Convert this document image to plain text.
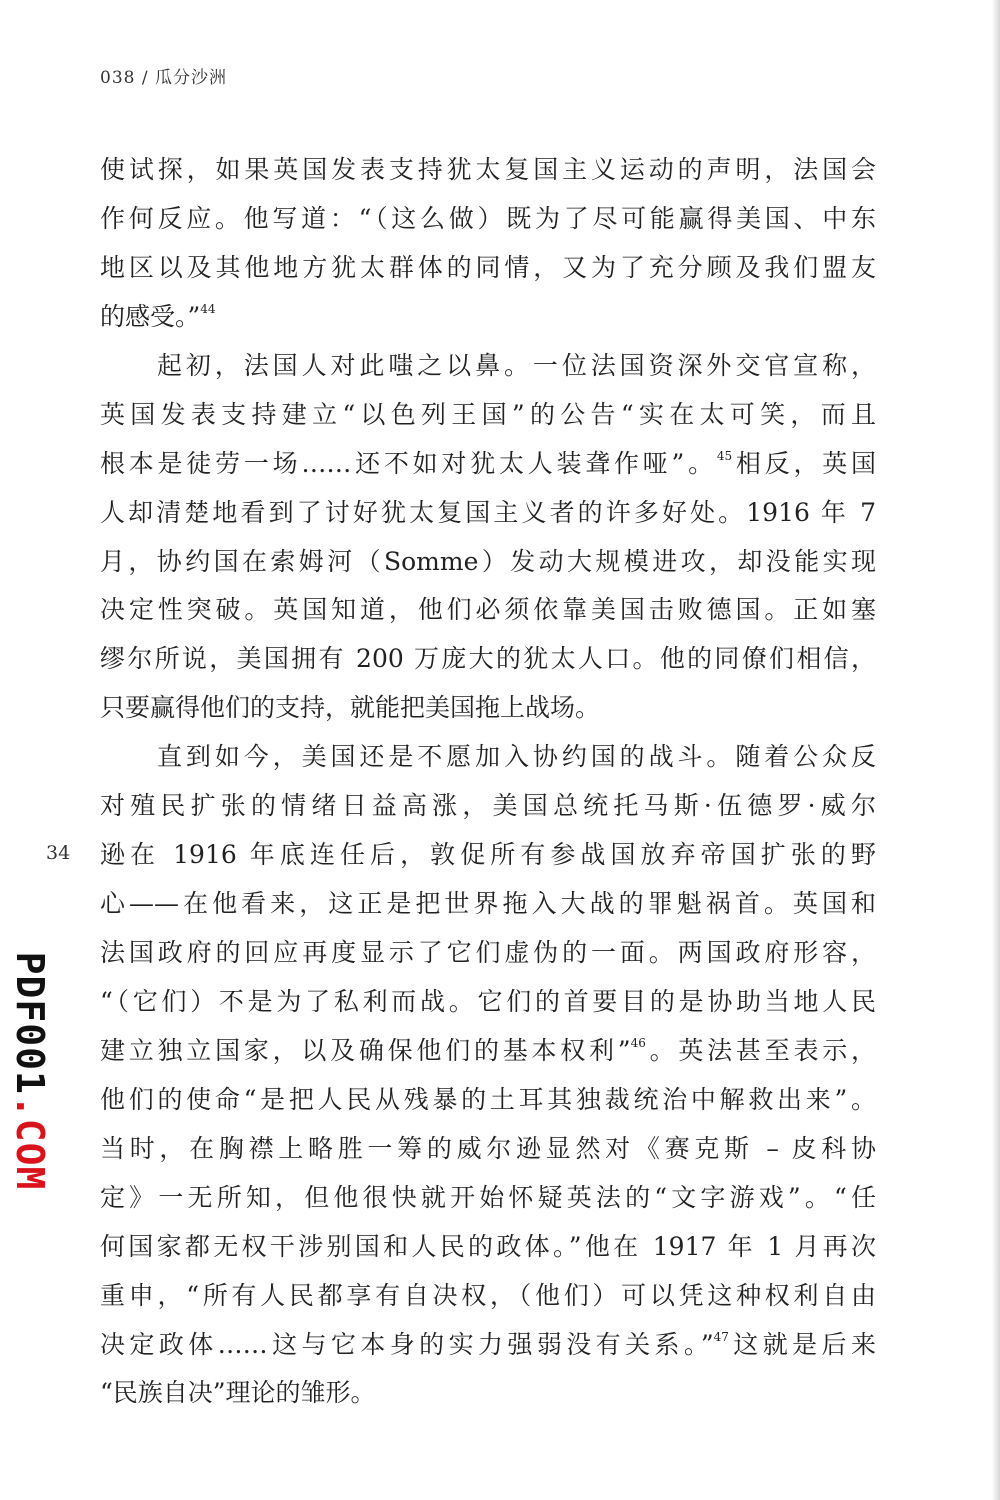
038 ∕ 瓜分沙洲
34
PDF001.COM
使试探，如果英国发表支持犹太复国主义运动的声明，法国会
作何反应。他写道：“（这么做）既为了尽可能赢得美国、中东
地区以及其他地方犹太群体的同情，又为了充分顾及我们盟友
的感受。”$^{44}$
起初，法国人对此嗤之以鼻。一位法国资深外交官宣称，
英国发表支持建立“以色列王国”的公告“实在太可笑，而且
根本是徒劳一场……还不如对犹太人装聋作哑”。$^{45}$相反，英国
人却清楚地看到了讨好犹太复国主义者的许多好处。1916 年 7
月，协约国在索姆河（Somme）发动大规模进攻，却没能实现
决定性突破。英国知道，他们必须依靠美国击败德国。正如塞
缪尔所说，美国拥有 200 万庞大的犹太人口。他的同僚们相信，
只要赢得他们的支持，就能把美国拖上战场。
直到如今，美国还是不愿加入协约国的战斗。随着公众反
对殖民扩张的情绪日益高涨，美国总统托马斯·伍德罗·威尔
逊在 1916 年底连任后，敦促所有参战国放弃帝国扩张的野
心——在他看来，这正是把世界拖入大战的罪魁祸首。英国和
法国政府的回应再度显示了它们虚伪的一面。两国政府形容，
“（它们）不是为了私利而战。它们的首要目的是协助当地人民
建立独立国家，以及确保他们的基本权利”$^{46}$。英法甚至表示，
他们的使命“是把人民从残暴的土耳其独裁统治中解救出来”。
当时，在胸襟上略胜一筹的威尔逊显然对《赛克斯 – 皮科协
定》一无所知，但他很快就开始怀疑英法的“文字游戏”。“任
何国家都无权干涉别国和人民的政体。”他在 1917 年 1 月再次
重申，“所有人民都享有自决权，（他们）可以凭这种权利自由
决定政体……这与它本身的实力强弱没有关系。”$^{47}$这就是后来
“民族自决”理论的雏形。
